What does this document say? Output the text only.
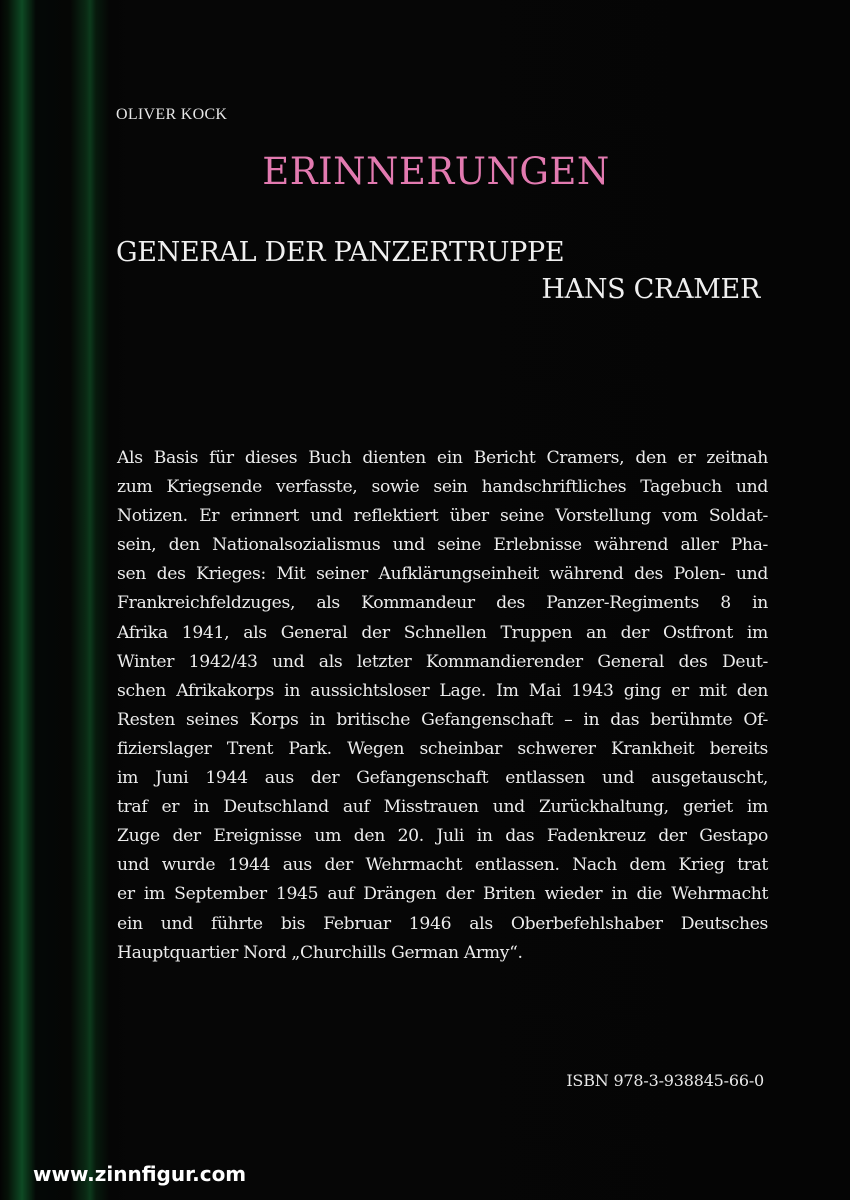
OLIVER KOCK
ERINNERUNGEN
GENERAL DER PANZERTRUPPE
HANS CRAMER
Als Basis für dieses Buch dienten ein Bericht Cramers, den er zeitnah
zum Kriegsende verfasste, sowie sein handschriftliches Tagebuch und
Notizen. Er erinnert und reflektiert über seine Vorstellung vom Soldat-
sein, den Nationalsozialismus und seine Erlebnisse während aller Pha-
sen des Krieges: Mit seiner Aufklärungseinheit während des Polen- und
Frankreichfeldzuges, als Kommandeur des Panzer-Regiments 8 in
Afrika 1941, als General der Schnellen Truppen an der Ostfront im
Winter 1942/43 und als letzter Kommandierender General des Deut-
schen Afrikakorps in aussichtsloser Lage. Im Mai 1943 ging er mit den
Resten seines Korps in britische Gefangenschaft – in das berühmte Of-
fizierslager Trent Park. Wegen scheinbar schwerer Krankheit bereits
im Juni 1944 aus der Gefangenschaft entlassen und ausgetauscht,
traf er in Deutschland auf Misstrauen und Zurückhaltung, geriet im
Zuge der Ereignisse um den 20. Juli in das Fadenkreuz der Gestapo
und wurde 1944 aus der Wehrmacht entlassen. Nach dem Krieg trat
er im September 1945 auf Drängen der Briten wieder in die Wehrmacht
ein und führte bis Februar 1946 als Oberbefehlshaber Deutsches
Hauptquartier Nord „Churchills German Army“.
ISBN 978-3-938845-66-0
www.zinnfigur.com
